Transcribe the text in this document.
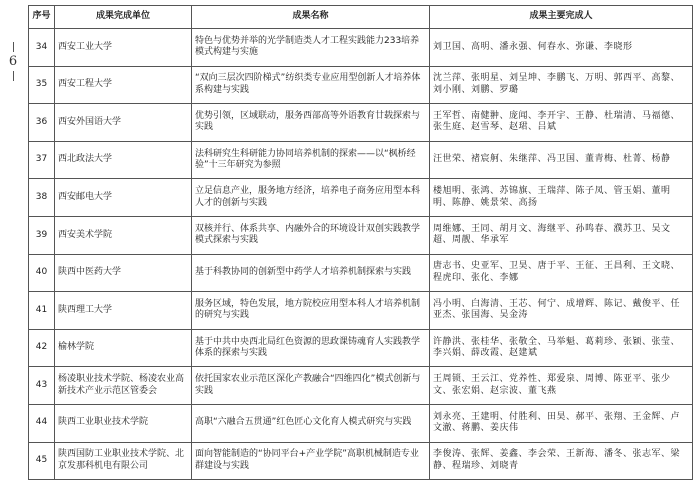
6
序号	成果完成单位	成果名称	成果主要完成人
34	西安工业大学	特色与优势并举的光学制造类人才工程实践能力233培养模式构建与实施	刘卫国、高明、潘永强、何春水、弥谦、李晓形
35	西安工程大学	“双向三层次四阶梯式”纺织类专业应用型创新人才培养体系构建与实践	沈兰萍、张明星、刘呈坤、李鹏飞、万明、郭西平、高黎、刘小刚、刘鹏、罗璐
36	西安外国语大学	优势引领，区域联动，服务西部高等外语教育廿载探索与实践	王军哲、南健翀、庞闻、李开宇、王静、杜瑞清、马福德、张生庭、赵雪琴、赵珺、吕斌
37	西北政法大学	法科研究生科研能力协同培养机制的探索——以“枫桥经验”十三年研究为参照	汪世荣、褚宸舸、朱继萍、冯卫国、董青梅、杜菁、杨静
38	西安邮电大学	立足信息产业，服务地方经济，培养电子商务应用型本科人才的创新与实践	楼旭明、张鸿、苏锦旗、王瑞萍、陈子凤、管玉娟、董明明、陈静、姚景荣、高扬
39	西安美术学院	双核并行、体系共享、内融外合的环境设计双创实践教学模式探索与实践	周维娜、王同、胡月文、海继平、孙鸣春、濮苏卫、吴文超、周靓、华承军
40	陕西中医药大学	基于科教协同的创新型中药学人才培养机制探索与实践	唐志书、史亚军、卫昊、唐于平、王征、王昌利、王文晓、程虎印、张化、李娜
41	陕西理工大学	服务区域，特色发展，地方院校应用型本科人才培养机制的研究与实践	冯小明、白海清、王芯、何宁、成增辉、陈记、戴俊平、任亚杰、张国海、吴金涛
42	榆林学院	基于中共中央西北局红色资源的思政课铸魂育人实践教学体系的探索与实践	许静洪、张桂华、张敬全、马举魁、葛莉珍、张颖、张莹、李兴娟、薛改霞、赵建斌
43	杨凌职业技术学院、杨凌农业高新技术产业示范区管委会	依托国家农业示范区深化产教融合“四维四化”模式创新与实践	王周锁、王云江、党养性、郑爱泉、周博、陈亚平、张少文、张宏娟、赵宗波、董飞燕
44	陕西工业职业技术学院	高职“六融合五贯通”红色匠心文化育人模式研究与实践	刘永亮、王建明、付胜利、田昊、郝平、张翔、王金辉、卢文澈、蒋鹏、姜庆伟
45	陕西国防工业职业技术学院、北京发那科机电有限公司	面向智能制造的“协同平台+产业学院”高职机械制造专业群建设与实践	李俊涛、张辉、姜鑫、李会荣、王新海、潘冬、张志军、梁静、程瑞珍、刘晓青
